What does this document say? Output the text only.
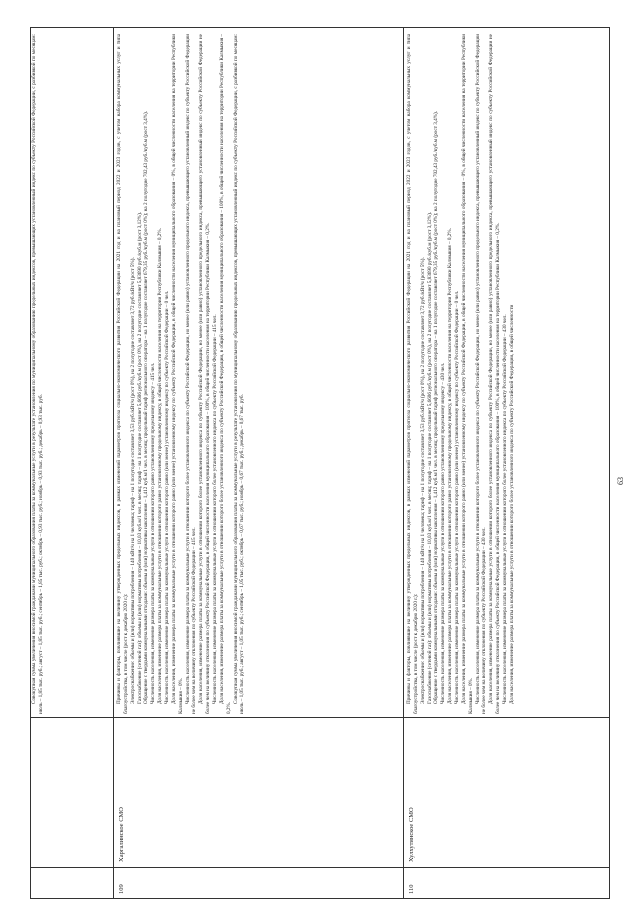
Совокупная сумма увеличения вносимой гражданами муниципального образования платы за коммунальные услуги в результате установления по муниципальному образованию предельных индексов, превышающих установленный индекс по субъекту Российской Федерации, с разбивкой по месяцам: июль – 1,85 тыс. руб.; август – 1,85 тыс. руб.; сентябрь – 1,85 тыс. руб.; октябрь – 0,93 тыс. руб.; ноябрь – 0,93 тыс. руб.; декабрь – 0,93 тыс. руб.

109
Харгалинское СМО

Причины и факторы, повлиявшие на величину утвержденных предельных индексов, в рамках изменений параметров прогноза социально-экономического развития Российской Федерации на 2021 год и на плановый период 2022 и 2023 годов, с учетом набора коммунальных услуг и типа благоустройства, в том числе (рост к декабрю 2020 г.): Электроснабжение: объемы и (или) нормативы потребления – 140 кВт/ч на 1 человека; тариф – на 1 полугодие составляет 3,53 руб./кВт/ч (рост 0%), на 2 полугодие составляет 3,72 руб./кВт/ч (рост 5%). Газоснабжение (сетевой газ): объемы и (или) нормативы потребления – 10,03 куб.м/1 чел. в месяц; тариф – на 1 полугодие составляет 5,6606 руб./куб.м (рост 0%), на 2 полугодие составляет 5,83690 руб./куб.м (рост 3,12%). Обращение с твердыми коммунальными отходами: объемы и (или) нормативы накопления – 1,412 куб.м/1 чел. в месяц; предельный тариф регионального оператора – на 1 полугодие составляет 679,35 руб./куб.м (рост 0%); на 2 полугодие 702,43 руб./куб.м (рост 3,4%). Численность населения, изменение размера платы за коммунальные услуги в отношении которого равно установленному предельному индексу – 415 чел. Доля населения, изменение размера платы за коммунальные услуги в отношении которого равно установленному предельному индексу, в общей численности населения на территории Республики Калмыкия – 0,2%. Численность населения, изменение размера платы за коммунальные услуги в отношении которого равно (или менее) установленному индексу по субъекту Российской Федерации – 0 чел. Доля населения, изменение размера платы за коммунальные услуги в отношении которого равно (или менее) установленному индексу по субъекту Российской Федерации, в общей численности населения муниципального образования – 0%, в общей численности населения на территории Республики Калмыкия – 0%. Численность населения, изменение размера платы за коммунальные услуги в отношении которого более установленного индекса по субъекту Российской Федерации, но менее (или равно) установленного предельного индекса, превышающего установленный индекс по субъекту Российской Федерации не более чем на величину отклонения по субъекту Российской Федерации – 415 чел. Доля населения, изменение размера платы за коммунальные услуги в отношении которого более установленного индекса по субъекту Российской Федерации, но менее (или равно) установленного предельного индекса, превышающего установленный индекс по субъекту Российской Федерации не более чем на величину отклонения по субъекту Российской Федерации, в общей численности населения муниципального образования – 100%, в общей численности населения на территории Республики Калмыкия – 0,2%. Численность населения, изменение размера платы за коммунальные услуги в отношении которого более установленного индекса по субъекту Российской Федерации – 415 чел. Доля населения, изменение размера платы за коммунальные услуги в отношении которого более установленного индекса по субъекту Российской Федерации, в общей численности населения муниципального образования – 100%, в общей численности населения на территории Республики Калмыкия – 0,2%.

Совокупная сумма увеличения вносимой гражданами муниципального образования платы за коммунальные услуги в результате установления по муниципальному образованию предельных индексов, превышающих установленный индекс по субъекту Российской Федерации, с разбивкой по месяцам: июль – 1,05 тыс. руб.; август – 1,05 тыс. руб.; сентябрь – 1,05 тыс. руб.; октябрь – 0,67 тыс. руб.; ноябрь – 0,67 тыс. руб.; декабрь – 0,67 тыс. руб.

110
Хулхутинское СМО

Причины и факторы, повлиявшие на величину утвержденных предельных индексов, в рамках изменений параметров прогноза социально-экономического развития Российской Федерации на 2021 год и на плановый период 2022 и 2023 годов, с учетом набора коммунальных услуг и типа благоустройства, в том числе (рост к декабрю 2020 г.): Электроснабжение: объемы и (или) нормативы потребления – 140 кВт/ч на 1 человека; тариф – на 1 полугодие составляет 3,53 руб./кВт/ч (рост 0%), на 2 полугодие составляет 3,72 руб./кВт/ч (рост 5%). Газоснабжение (сетевой газ): объемы и (или) нормативы потребления – 10,03 куб.м/1 чел. в месяц; тариф – на 1 полугодие составляет 5,6606 руб./куб.м (рост 0%), на 2 полугодие составляет 5,83690 руб./куб.м (рост 3,12%). Обращение с твердыми коммунальными отходами: объемы и (или) нормативы накопления – 1,412 куб.м/1 чел. в месяц; предельный тариф регионального оператора – на 1 полугодие составляет 679,35 руб./куб.м (рост 0%); на 2 полугодие 702,43 руб./куб.м (рост 3,4%). Численность населения, изменение размера платы за коммунальные услуги в отношении которого равно установленному предельному индексу – 430 чел. Доля населения, изменение размера платы за коммунальные услуги в отношении которого равно установленному предельному индексу, в общей численности населения на территории Республики Калмыкия – 0,2%. Численность населения, изменение размера платы за коммунальные услуги в отношении которого равно (или менее) установленному индексу по субъекту Российской Федерации – 0 чел. Доля населения, изменение размера платы за коммунальные услуги в отношении которого равно (или менее) установленному индексу по субъекту Российской Федерации, в общей численности населения муниципального образования – 0%, в общей численности населения на территории Республики Калмыкия – 0%. Численность населения, изменение размера платы за коммунальные услуги в отношении которого более установленного индекса по субъекту Российской Федерации, но менее (или равно) установленного предельного индекса, превышающего установленный индекс по субъекту Российской Федерации не более чем на величину отклонения по субъекту Российской Федерации – 430 чел. Доля населения, изменение размера платы за коммунальные услуги в отношении которого более установленного индекса по субъекту Российской Федерации, но менее (или равно) установленного предельного индекса, превышающего установленный индекс по субъекту Российской Федерации не более чем на величину отклонения по субъекту Российской Федерации, в общей численности населения муниципального образования – 100%, в общей численности населения на территории Республики Калмыкия – 0,2%. Численность населения, изменение размера платы за коммунальные услуги в отношении которого более установленного индекса по субъекту Российской Федерации – 430 чел. Доля населения, изменение размера платы за коммунальные услуги в отношении которого более установленного индекса по субъекту Российской Федерации, в общей численности	63
